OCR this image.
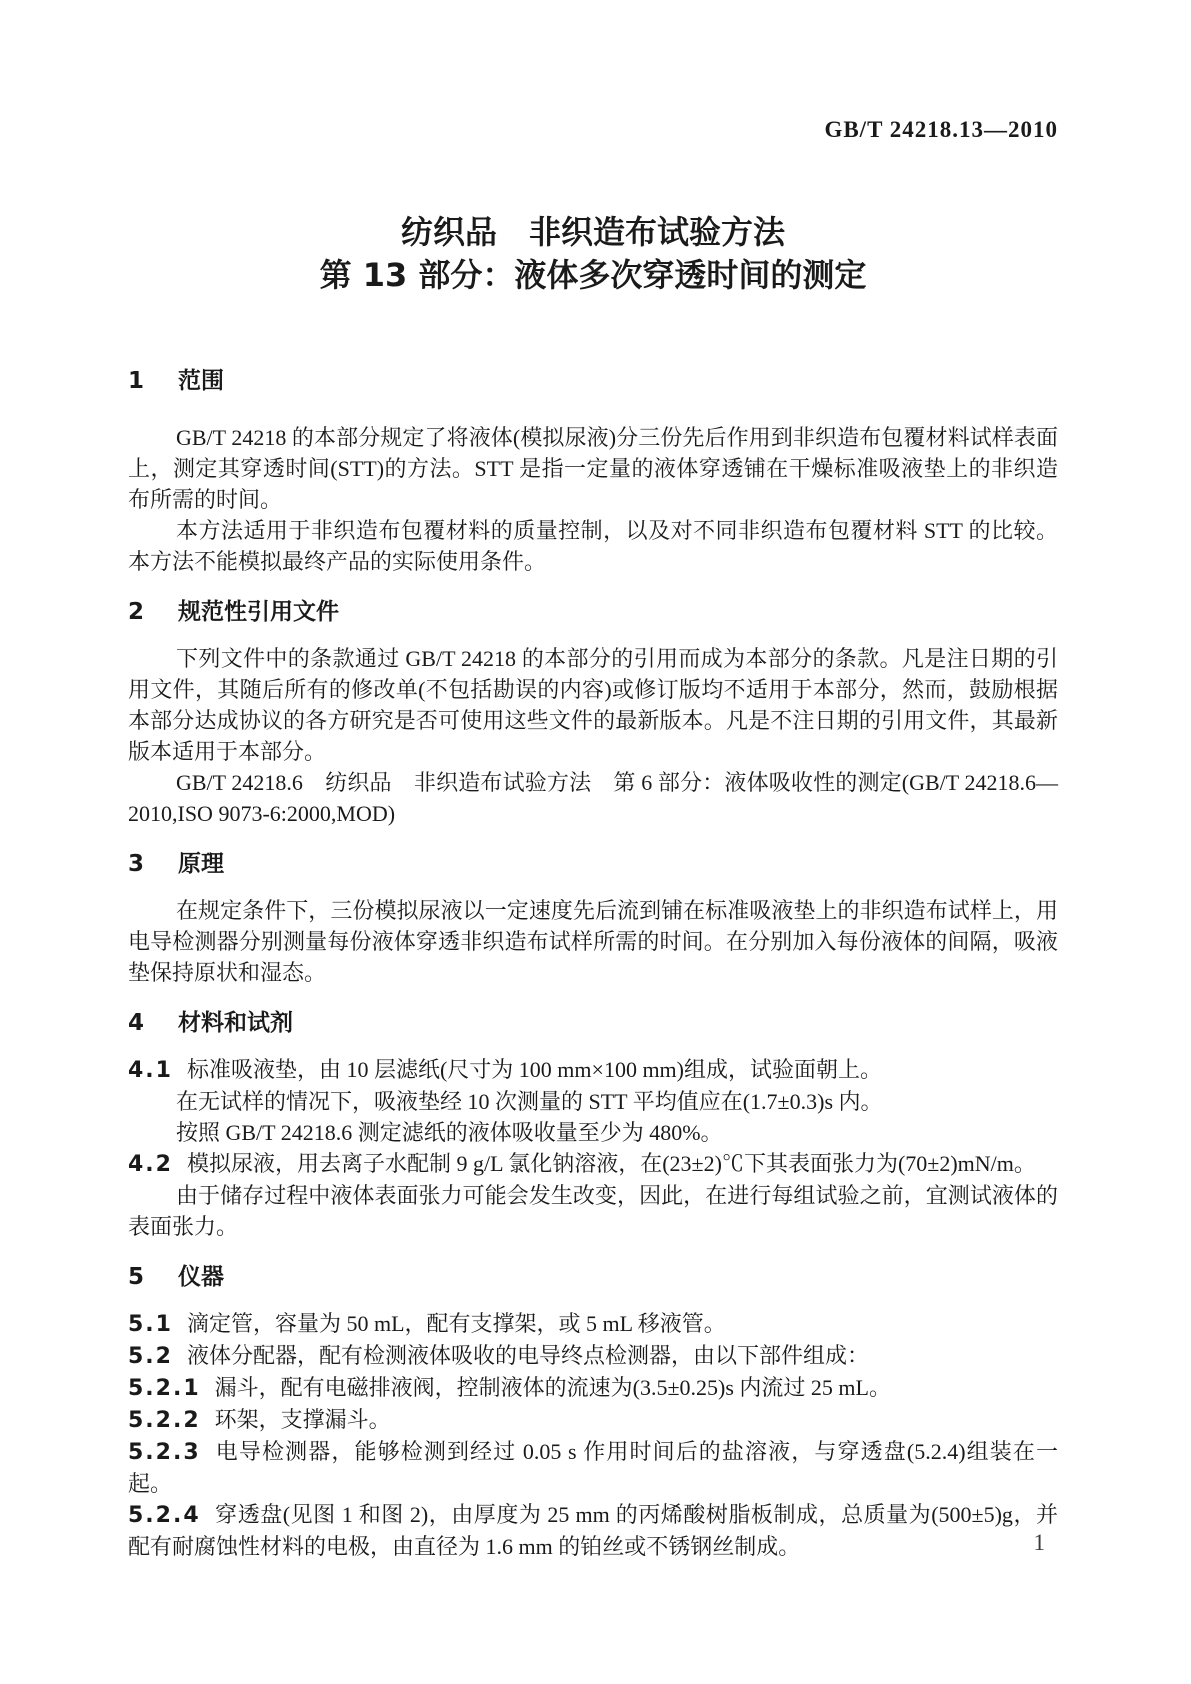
GB/T 24218.13—2010
纺织品　非织造布试验方法
第 13 部分：液体多次穿透时间的测定
1 范围

GB/T 24218 的本部分规定了将液体(模拟尿液)分三份先后作用到非织造布包覆材料试样表面上，测定其穿透时间(STT)的方法。STT 是指一定量的液体穿透铺在干燥标准吸液垫上的非织造布所需的时间。

本方法适用于非织造布包覆材料的质量控制，以及对不同非织造布包覆材料 STT 的比较。本方法不能模拟最终产品的实际使用条件。

2 规范性引用文件

下列文件中的条款通过 GB/T 24218 的本部分的引用而成为本部分的条款。凡是注日期的引用文件，其随后所有的修改单(不包括勘误的内容)或修订版均不适用于本部分，然而，鼓励根据本部分达成协议的各方研究是否可使用这些文件的最新版本。凡是不注日期的引用文件，其最新版本适用于本部分。

GB/T 24218.6　纺织品　非织造布试验方法　第 6 部分：液体吸收性的测定(GB/T 24218.6—2010,ISO 9073-6:2000,MOD)

3 原理

在规定条件下，三份模拟尿液以一定速度先后流到铺在标准吸液垫上的非织造布试样上，用电导检测器分别测量每份液体穿透非织造布试样所需的时间。在分别加入每份液体的间隔，吸液垫保持原状和湿态。

4 材料和试剂

4.1 标准吸液垫，由 10 层滤纸(尺寸为 100 mm×100 mm)组成，试验面朝上。

在无试样的情况下，吸液垫经 10 次测量的 STT 平均值应在(1.7±0.3)s 内。

按照 GB/T 24218.6 测定滤纸的液体吸收量至少为 480%。

4.2 模拟尿液，用去离子水配制 9 g/L 氯化钠溶液，在(23±2)℃下其表面张力为(70±2)mN/m。

由于储存过程中液体表面张力可能会发生改变，因此，在进行每组试验之前，宜测试液体的表面张力。

5 仪器

5.1 滴定管，容量为 50 mL，配有支撑架，或 5 mL 移液管。

5.2 液体分配器，配有检测液体吸收的电导终点检测器，由以下部件组成：

5.2.1 漏斗，配有电磁排液阀，控制液体的流速为(3.5±0.25)s 内流过 25 mL。

5.2.2 环架，支撑漏斗。

5.2.3 电导检测器，能够检测到经过 0.05 s 作用时间后的盐溶液，与穿透盘(5.2.4)组装在一起。

5.2.4 穿透盘(见图 1 和图 2)，由厚度为 25 mm 的丙烯酸树脂板制成，总质量为(500±5)g，并配有耐腐蚀性材料的电极，由直径为 1.6 mm 的铂丝或不锈钢丝制成。	1
